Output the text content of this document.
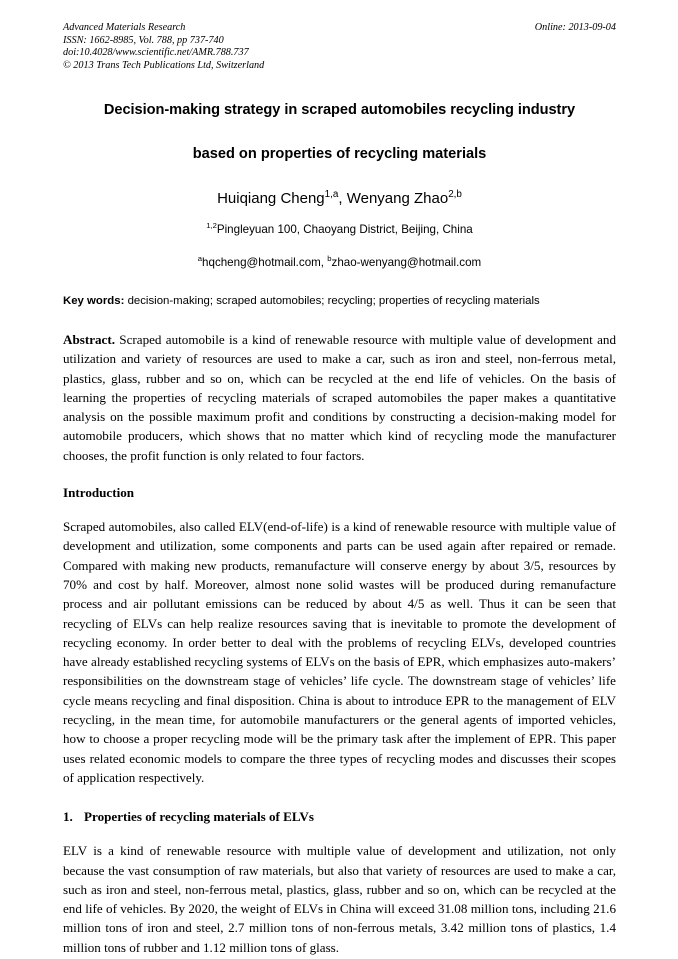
Advanced Materials Research
ISSN: 1662-8985, Vol. 788, pp 737-740
doi:10.4028/www.scientific.net/AMR.788.737
© 2013 Trans Tech Publications Ltd, Switzerland
Online: 2013-09-04
Decision-making strategy in scraped automobiles recycling industry
based on properties of recycling materials
Huiqiang Cheng$^{1,a}$, Wenyang Zhao$^{2,b}$
$^{1,2}$Pingleyuan 100, Chaoyang District, Beijing, China
$^a$hqcheng@hotmail.com, $^b$zhao-wenyang@hotmail.com
Key words: decision-making; scraped automobiles; recycling; properties of recycling materials
Abstract. Scraped automobile is a kind of renewable resource with multiple value of development and utilization and variety of resources are used to make a car, such as iron and steel, non-ferrous metal, plastics, glass, rubber and so on, which can be recycled at the end life of vehicles. On the basis of learning the properties of recycling materials of scraped automobiles the paper makes a quantitative analysis on the possible maximum profit and conditions by constructing a decision-making model for automobile producers, which shows that no matter which kind of recycling mode the manufacturer chooses, the profit function is only related to four factors.
Introduction
Scraped automobiles, also called ELV(end-of-life) is a kind of renewable resource with multiple value of development and utilization, some components and parts can be used again after repaired or remade. Compared with making new products, remanufacture will conserve energy by about 3/5, resources by 70% and cost by half. Moreover, almost none solid wastes will be produced during remanufacture process and air pollutant emissions can be reduced by about 4/5 as well. Thus it can be seen that recycling of ELVs can help realize resources saving that is inevitable to promote the development of recycling economy. In order better to deal with the problems of recycling ELVs, developed countries have already established recycling systems of ELVs on the basis of EPR, which emphasizes auto-makers’ responsibilities on the downstream stage of vehicles’ life cycle. The downstream stage of vehicles’ life cycle means recycling and final disposition. China is about to introduce EPR to the management of ELV recycling, in the mean time, for automobile manufacturers or the general agents of imported vehicles, how to choose a proper recycling mode will be the primary task after the implement of EPR. This paper uses related economic models to compare the three types of recycling modes and discusses their scopes of application respectively.
1. Properties of recycling materials of ELVs
ELV is a kind of renewable resource with multiple value of development and utilization, not only because the vast consumption of raw materials, but also that variety of resources are used to make a car, such as iron and steel, non-ferrous metal, plastics, glass, rubber and so on, which can be recycled at the end life of vehicles. By 2020, the weight of ELVs in China will exceed 31.08 million tons, including 21.6 million tons of iron and steel, 2.7 million tons of non-ferrous metals, 3.42 million tons of plastics, 1.4 million tons of rubber and 1.12 million tons of glass.
